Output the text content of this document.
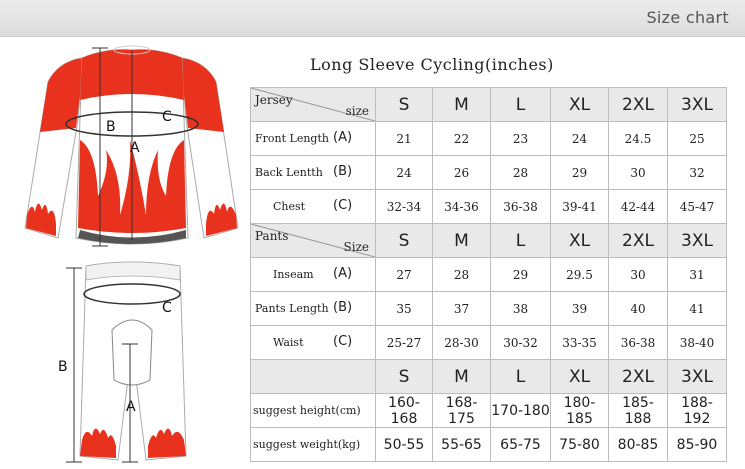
Size chart
Long Sleeve Cycling(inches)
B
C
A
B
C
A
Jersey
size	S	M	L	XL	2XL	3XL

Front Length (A)	21	22	23	24	24.5	25

Back Lentth (B)	24	26	28	29	30	32

Chest (C)	32-34	34-36	36-38	39-41	42-44	45-47

Pants
Size	S	M	L	XL	2XL	3XL

Inseam (A)	27	28	29	29.5	30	31

Pants Length (B)	35	37	38	39	40	41

Waist (C)	25-27	28-30	30-32	33-35	36-38	38-40
	S	M	L	XL	2XL	3XL

suggest height(cm)	160-168	168-175	170-180	180-185	185-188	188-192

suggest weight(kg)	50-55	55-65	65-75	75-80	80-85	85-90
